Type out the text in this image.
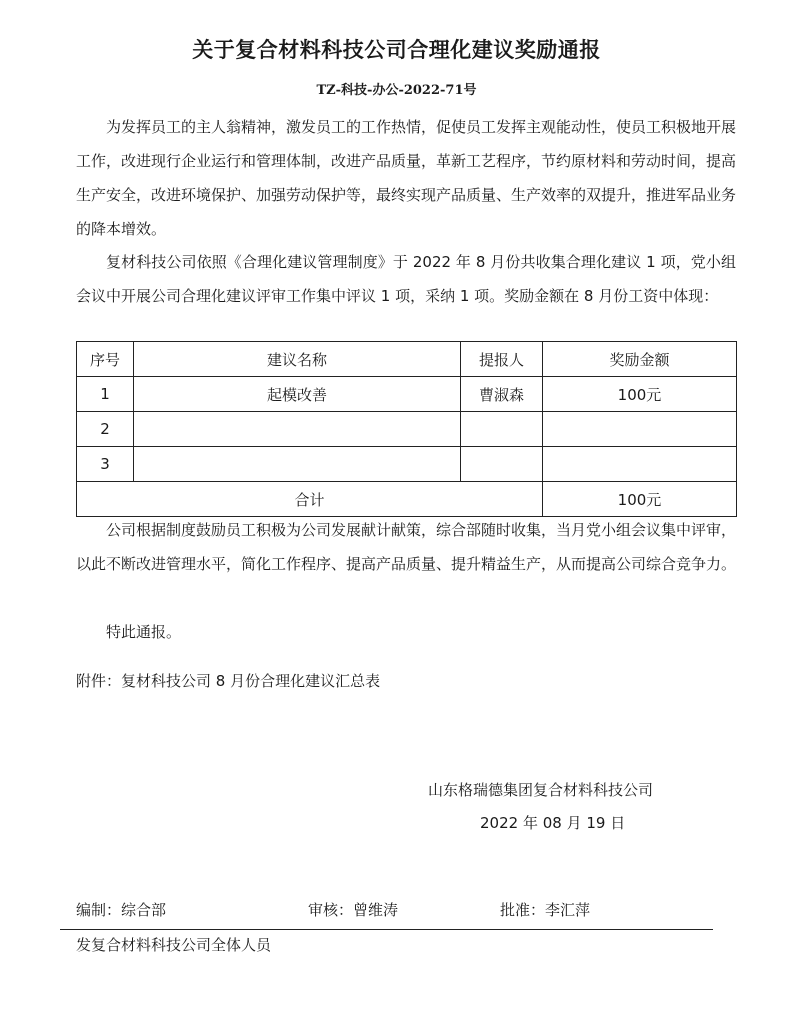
关于复合材料科技公司合理化建议奖励通报
TZ-科技-办公-2022-71号

为发挥员工的主人翁精神，激发员工的工作热情，促使员工发挥主观能动性，使员工积极地开展工作，改进现行企业运行和管理体制，改进产品质量，革新工艺程序，节约原材料和劳动时间，提高生产安全，改进环境保护、加强劳动保护等，最终实现产品质量、生产效率的双提升，推进军品业务的降本增效。

复材科技公司依照《合理化建议管理制度》于 2022 年 8 月份共收集合理化建议 1 项，党小组会议中开展公司合理化建议评审工作集中评议 1 项，采纳 1 项。奖励金额在 8 月份工资中体现：

序号	建议名称	提报人	奖励金额
1	起模改善	曹淑森	100元
2			
3			
合计			100元

公司根据制度鼓励员工积极为公司发展献计献策，综合部随时收集，当月党小组会议集中评审，以此不断改进管理水平，简化工作程序、提高产品质量、提升精益生产，从而提高公司综合竞争力。

特此通报。

附件：复材科技公司 8 月份合理化建议汇总表
山东格瑞德集团复合材料科技公司
2022 年 08 月 19 日
编制：综合部	审核：曾维涛	批准：李汇萍
发复合材料科技公司全体人员
